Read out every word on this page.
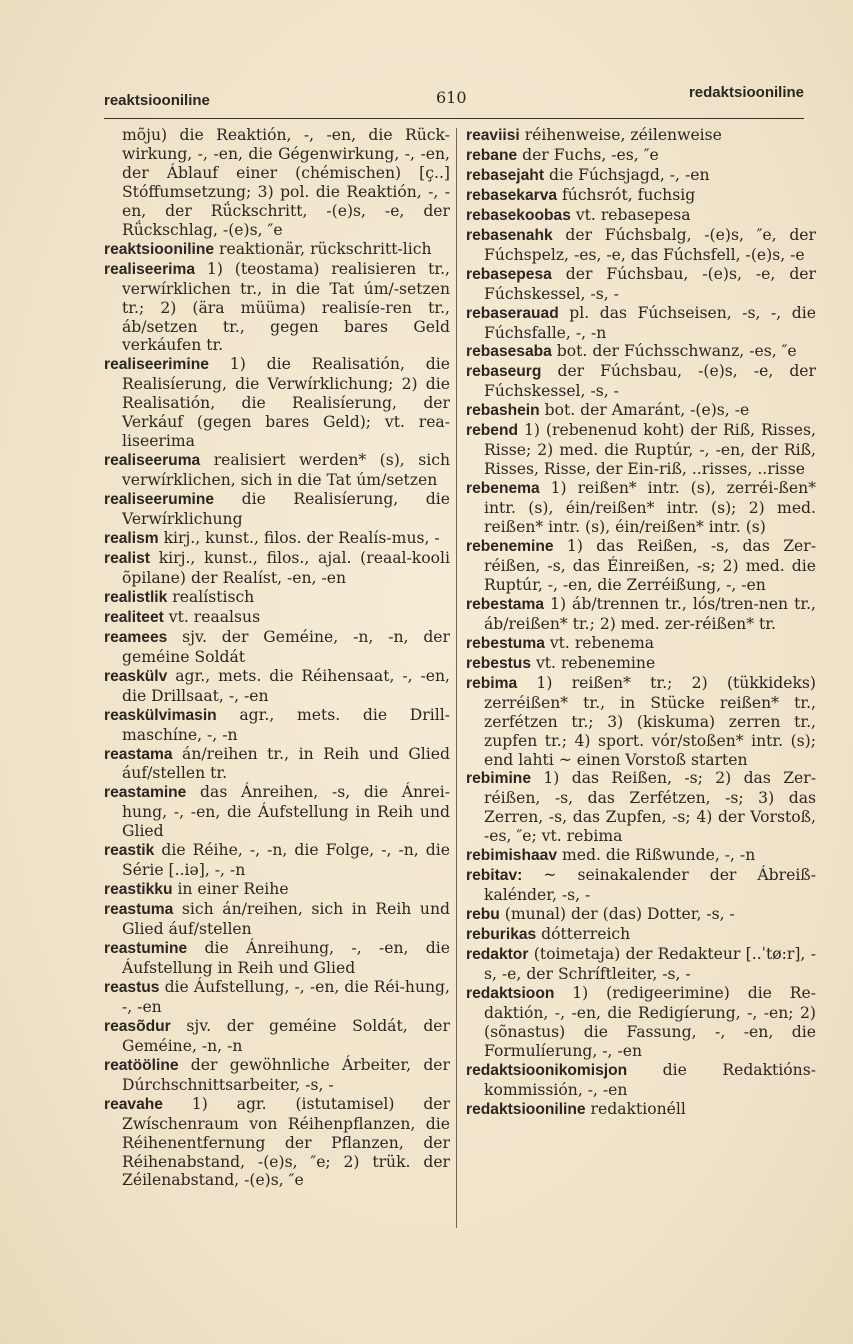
reaktsiooniline	610	redaktsiooniline
mõju) die Reaktión, -, -en, die Rück-wirkung, -, -en, die Gégenwirkung, -, -en, der Áblauf einer (chémischen) [ç..] Stóffumsetzung; 3) pol. die Reaktión, -, -en, der Rǘckschritt, -(e)s, -e, der Rǘckschlag, -(e)s, ″e
reaktsiooniline reaktionär, rückschritt-lich
realiseerima 1) (teostama) realisieren tr., verwírklichen tr., in die Tat úm/-setzen tr.; 2) (ära müüma) realisíe-ren tr., áb/setzen tr., gegen bares Geld verkáufen tr.
realiseerimine 1) die Realisatión, die Realisíerung, die Verwírklichung; 2) die Realisatión, die Realisíerung, der Verkáuf (gegen bares Geld); vt. rea-liseerima
realiseeruma realisiert werden* (s), sich verwírklichen, sich in die Tat úm/setzen
realiseerumine die Realisíerung, die Verwírklichung
realism kirj., kunst., filos. der Realís-mus, -
realist kirj., kunst., filos., ajal. (reaal-kooli õpilane) der Realíst, -en, -en
realistlik realístisch
realiteet vt. reaalsus
reamees sjv. der Geméine, -n, -n, der geméine Soldát
reaskülv agr., mets. die Réihensaat, -, -en, die Drillsaat, -, -en
reaskülvimasin agr., mets. die Drill-maschíne, -, -n
reastama án/reihen tr., in Reih und Glied áuf/stellen tr.
reastamine das Ánreihen, -s, die Ánrei-hung, -, -en, die Áufstellung in Reih und Glied
reastik die Réihe, -, -n, die Folge, -, -n, die Série [..iə], -, -n
reastikku in einer Reihe
reastuma sich án/reihen, sich in Reih und Glied áuf/stellen
reastumine die Ánreihung, -, -en, die Áufstellung in Reih und Glied
reastus die Áufstellung, -, -en, die Réi-hung, -, -en
reasõdur sjv. der geméine Soldát, der Geméine, -n, -n
reatööline der gewöhnliche Árbeiter, der Dúrchschnittsarbeiter, -s, -
reavahe 1) agr. (istutamisel) der Zwíschenraum von Réihenpflanzen, die Réihenentfernung der Pflanzen, der Réihenabstand, -(e)s, ″e; 2) trük. der Zéilenabstand, -(e)s, ″e
reaviisi réihenweise, zéilenweise
rebane der Fuchs, -es, ″e
rebasejaht die Fúchsjagd, -, -en
rebasekarva fúchsrót, fuchsig
rebasekoobas vt. rebasepesa
rebasenahk der Fúchsbalg, -(e)s, ″e, der Fúchspelz, -es, -e, das Fúchsfell, -(e)s, -e
rebasepesa der Fúchsbau, -(e)s, -e, der Fúchskessel, -s, -
rebaserauad pl. das Fúchseisen, -s, -, die Fúchsfalle, -, -n
rebasesaba bot. der Fúchsschwanz, -es, ″e
rebaseurg der Fúchsbau, -(e)s, -e, der Fúchskessel, -s, -
rebashein bot. der Amaránt, -(e)s, -e
rebend 1) (rebenenud koht) der Riß, Risses, Risse; 2) med. die Ruptúr, -, -en, der Riß, Risses, Risse, der Ein-riß, ..risses, ..risse
rebenema 1) reißen* intr. (s), zerréi-ßen* intr. (s), éin/reißen* intr. (s); 2) med. reißen* intr. (s), éin/reißen* intr. (s)
rebenemine 1) das Reißen, -s, das Zer-réißen, -s, das Éinreißen, -s; 2) med. die Ruptúr, -, -en, die Zerréißung, -, -en
rebestama 1) áb/trennen tr., lós/tren-nen tr., áb/reißen* tr.; 2) med. zer-réißen* tr.
rebestuma vt. rebenema
rebestus vt. rebenemine
rebima 1) reißen* tr.; 2) (tükkideks) zerréißen* tr., in Stücke reißen* tr., zerfétzen tr.; 3) (kiskuma) zerren tr., zupfen tr.; 4) sport. vór/stoßen* intr. (s); end lahti ~ einen Vorstoß starten
rebimine 1) das Reißen, -s; 2) das Zer-réißen, -s, das Zerfétzen, -s; 3) das Zerren, -s, das Zupfen, -s; 4) der Vorstoß, -es, ″e; vt. rebima
rebimishaav med. die Rißwunde, -, -n
rebitav: ~ seinakalender der Ábreiß-kalénder, -s, -
rebu (munal) der (das) Dotter, -s, -
reburikas dótterreich
redaktor (toimetaja) der Redakteur [..ˈtø:r], -s, -e, der Schríftleiter, -s, -
redaktsioon 1) (redigeerimine) die Re-daktión, -, -en, die Redigíerung, -, -en; 2) (sõnastus) die Fassung, -, -en, die Formulíerung, -, -en
redaktsioonikomisjon die Redaktións-kommissión, -, -en
redaktsiooniline redaktionéll
